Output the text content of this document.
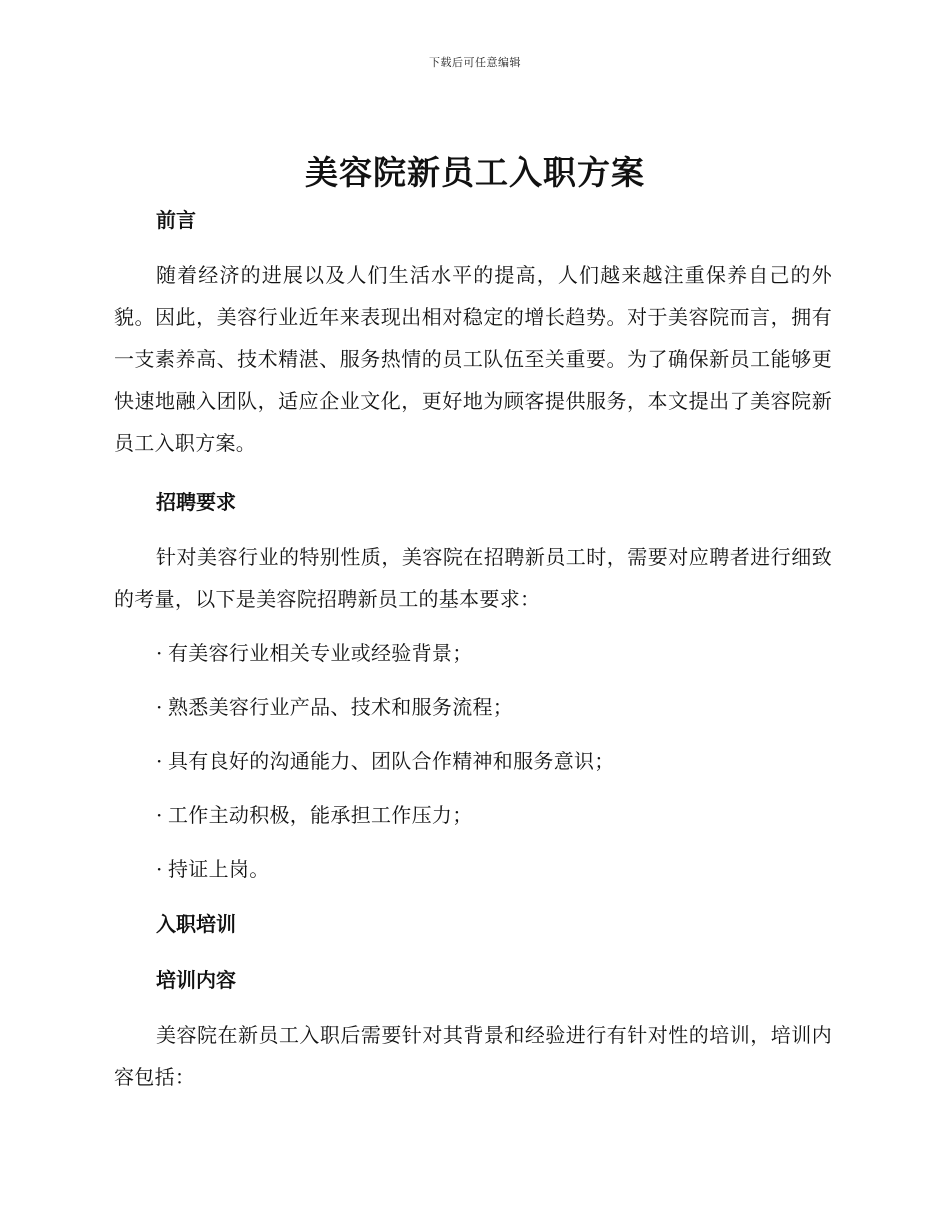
下载后可任意编辑
美容院新员工入职方案
前言

随着经济的进展以及人们生活水平的提高，人们越来越注重保养自己的外貌。因此，美容行业近年来表现出相对稳定的增长趋势。对于美容院而言，拥有一支素养高、技术精湛、服务热情的员工队伍至关重要。为了确保新员工能够更快速地融入团队，适应企业文化，更好地为顾客提供服务，本文提出了美容院新员工入职方案。

招聘要求

针对美容行业的特别性质，美容院在招聘新员工时，需要对应聘者进行细致的考量，以下是美容院招聘新员工的基本要求：

· 有美容行业相关专业或经验背景；
· 熟悉美容行业产品、技术和服务流程；
· 具有良好的沟通能力、团队合作精神和服务意识；
· 工作主动积极，能承担工作压力；
· 持证上岗。
入职培训
培训内容

美容院在新员工入职后需要针对其背景和经验进行有针对性的培训，培训内容包括：
